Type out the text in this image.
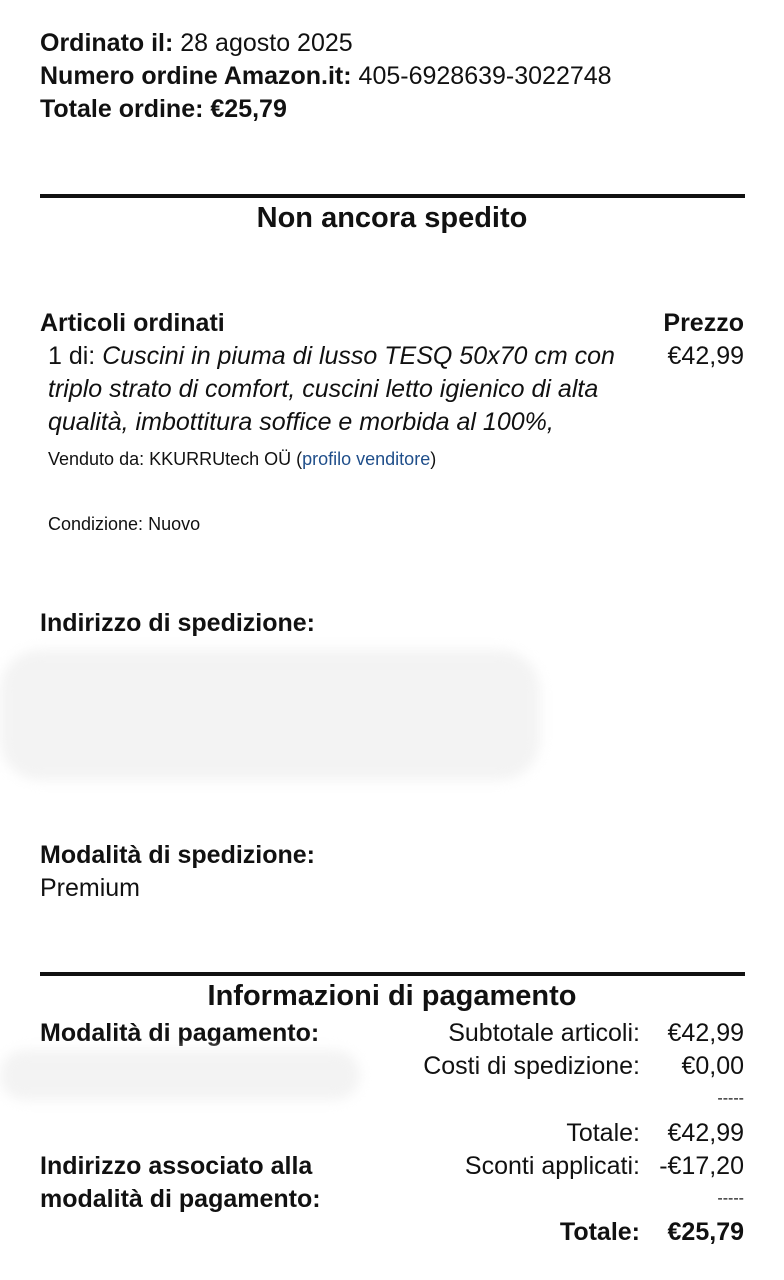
Ordinato il: 28 agosto 2025
Numero ordine Amazon.it: 405-6928639-3022748
Totale ordine: €25,79
Non ancora spedito
Articoli ordinati	Prezzo
1 di: Cuscini in piuma di lusso TESQ 50x70 cm con	€42,99
triplo strato di comfort, cuscini letto igienico di alta
qualità, imbottitura soffice e morbida al 100%,
Venduto da: KKURRUtech OÜ (profilo venditore)
Condizione: Nuovo
Indirizzo di spedizione:
Modalità di spedizione:
Premium
Informazioni di pagamento
Modalità di pagamento:
Indirizzo associato alla
modalità di pagamento:
Subtotale articoli: €42,99
Costi di spedizione: €0,00
-----
Totale: €42,99
Sconti applicati: -€17,20
-----
Totale: €25,79
